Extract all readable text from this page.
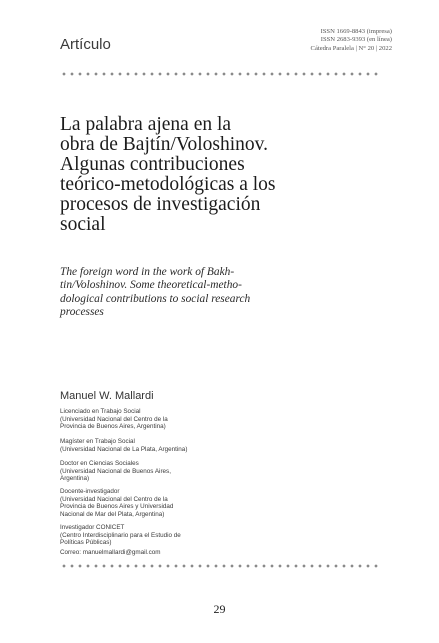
Artículo
ISSN 1669-8843 (impresa)
ISSN 2683-9393 (en línea)
Cátedra Paralela | N° 20 | 2022
La palabra ajena en la
obra de Bajtín/Voloshinov.
Algunas contribuciones
teórico-metodológicas a los
procesos de investigación
social
The foreign word in the work of Bakh-
tin/Voloshinov. Some theoretical-metho-
dological contributions to social research
processes
Manuel W. Mallardi
Licenciado en Trabajo Social
(Universidad Nacional del Centro de la
Provincia de Buenos Aires, Argentina)
Magíster en Trabajo Social
(Universidad Nacional de La Plata, Argentina)
Doctor en Ciencias Sociales
(Universidad Nacional de Buenos Aires,
Argentina)
Docente-investigador
(Universidad Nacional del Centro de la
Provincia de Buenos Aires y Universidad
Nacional de Mar del Plata, Argentina)
Investigador CONICET
(Centro Interdisciplinario para el Estudio de
Políticas Públicas)
Correo: manuelmallardi@gmail.com
29
